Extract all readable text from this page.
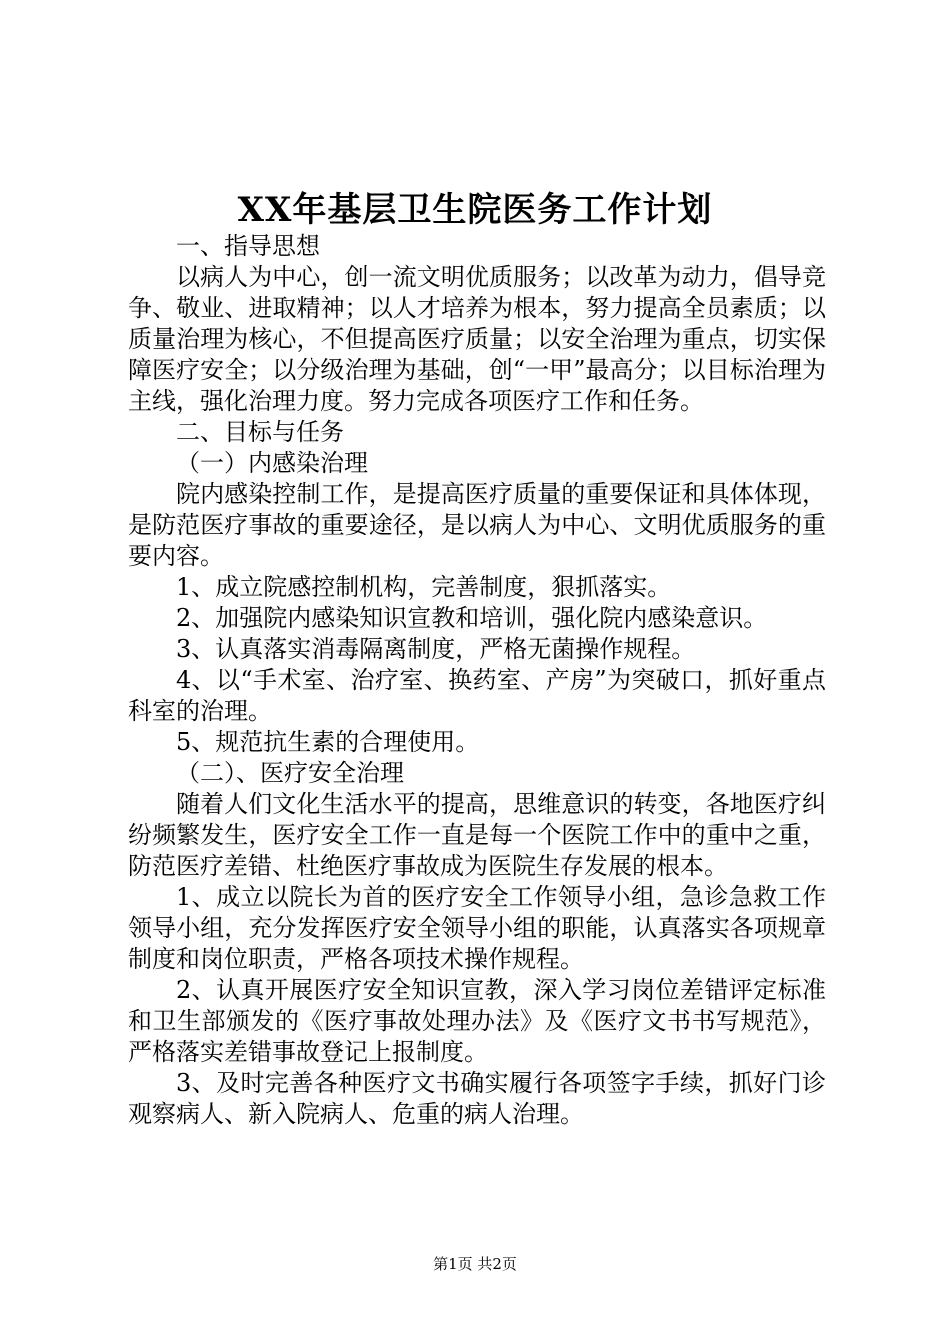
XX年基层卫生院医务工作计划

一、指导思想

以病人为中心，创一流文明优质服务；以改革为动力，倡导竞争、敬业、进取精神；以人才培养为根本，努力提高全员素质；以质量治理为核心，不但提高医疗质量；以安全治理为重点，切实保障医疗安全；以分级治理为基础，创“一甲”最高分；以目标治理为主线，强化治理力度。努力完成各项医疗工作和任务。

二、目标与任务

（一）内感染治理

院内感染控制工作，是提高医疗质量的重要保证和具体体现，是防范医疗事故的重要途径，是以病人为中心、文明优质服务的重要内容。

1、成立院感控制机构，完善制度，狠抓落实。

2、加强院内感染知识宣教和培训，强化院内感染意识。

3、认真落实消毒隔离制度，严格无菌操作规程。

4、以“手术室、治疗室、换药室、产房”为突破口，抓好重点科室的治理。

5、规范抗生素的合理使用。

（二）、医疗安全治理

随着人们文化生活水平的提高，思维意识的转变，各地医疗纠纷频繁发生，医疗安全工作一直是每一个医院工作中的重中之重，防范医疗差错、杜绝医疗事故成为医院生存发展的根本。

1、成立以院长为首的医疗安全工作领导小组，急诊急救工作领导小组，充分发挥医疗安全领导小组的职能，认真落实各项规章制度和岗位职责，严格各项技术操作规程。

2、认真开展医疗安全知识宣教，深入学习岗位差错评定标准和卫生部颁发的《医疗事故处理办法》及《医疗文书书写规范》，严格落实差错事故登记上报制度。

3、及时完善各种医疗文书确实履行各项签字手续，抓好门诊观察病人、新入院病人、危重的病人治理。

第1页 共2页
